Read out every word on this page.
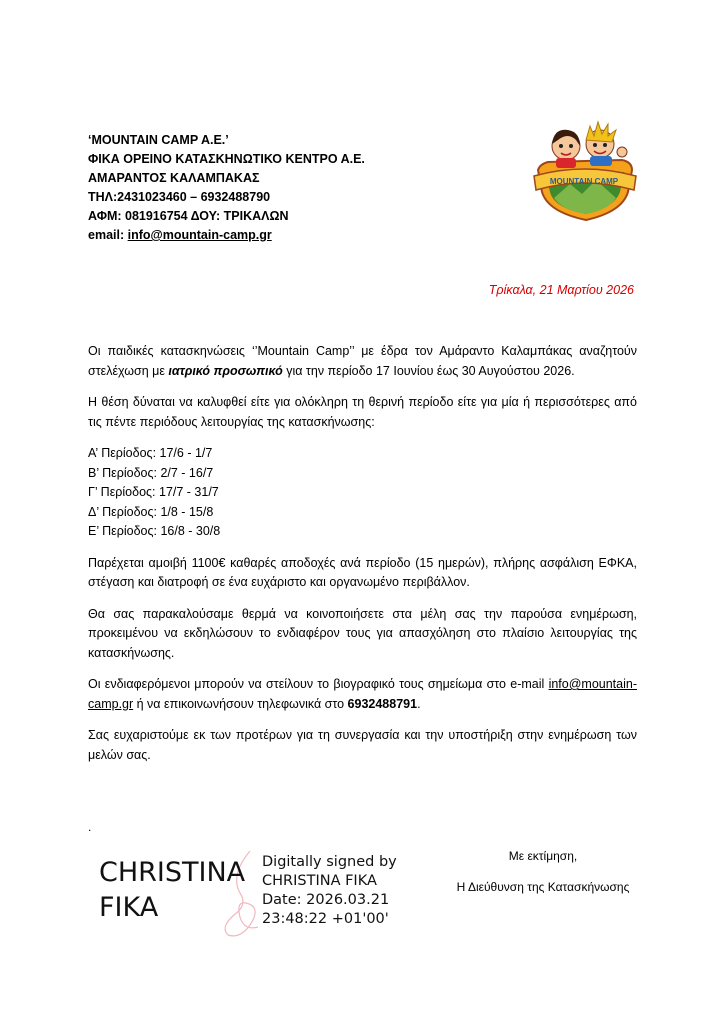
‘MOUNTAIN CAMP A.E.’
ΦΙΚΑ ΟΡΕΙΝΟ ΚΑΤΑΣΚΗΝΩΤΙΚΟ ΚΕΝΤΡΟ Α.Ε.
ΑΜΑΡΑΝΤΟΣ ΚΑΛΑΜΠΑΚΑΣ
ΤΗΛ:2431023460 – 6932488790
ΑΦΜ: 081916754 ΔΟΥ: ΤΡΙΚΑΛΩΝ
email: info@mountain-camp.gr
MOUNTAIN CAMP
Τρίκαλα, 21 Μαρτίου 2026

Οι παιδικές κατασκηνώσεις ‘’Mountain Camp’’ με έδρα τον Αμάραντο Καλαμπάκας αναζητούν στελέχωση με ιατρικό προσωπικό για την περίοδο 17 Ιουνίου έως 30 Αυγούστου 2026.

Η θέση δύναται να καλυφθεί είτε για ολόκληρη τη θερινή περίοδο είτε για μία ή περισσότερες από τις πέντε περιόδους λειτουργίας της κατασκήνωσης:

Α’ Περίοδος: 17/6 - 1/7
Β’ Περίοδος: 2/7 - 16/7
Γ’ Περίοδος: 17/7 - 31/7
Δ’ Περίοδος: 1/8 - 15/8
Ε’ Περίοδος: 16/8 - 30/8

Παρέχεται αμοιβή 1100€ καθαρές αποδοχές ανά περίοδο (15 ημερών), πλήρης ασφάλιση ΕΦΚΑ, στέγαση και διατροφή σε ένα ευχάριστο και οργανωμένο περιβάλλον.

Θα σας παρακαλούσαμε θερμά να κοινοποιήσετε στα μέλη σας την παρούσα ενημέρωση, προκειμένου να εκδηλώσουν το ενδιαφέρον τους για απασχόληση στο πλαίσιο λειτουργίας της κατασκήνωσης.

Οι ενδιαφερόμενοι μπορούν να στείλουν το βιογραφικό τους σημείωμα στο e-mail info@mountain-camp.gr ή να επικοινωνήσουν τηλεφωνικά στο 6932488791.

Σας ευχαριστούμε εκ των προτέρων για τη συνεργασία και την υποστήριξη στην ενημέρωση των μελών σας.

.
CHRISTINA
FIKA
Digitally signed by
CHRISTINA FIKA
Date: 2026.03.21
23:48:22 +01'00'
Με εκτίμηση,
Η Διεύθυνση της Κατασκήνωσης
